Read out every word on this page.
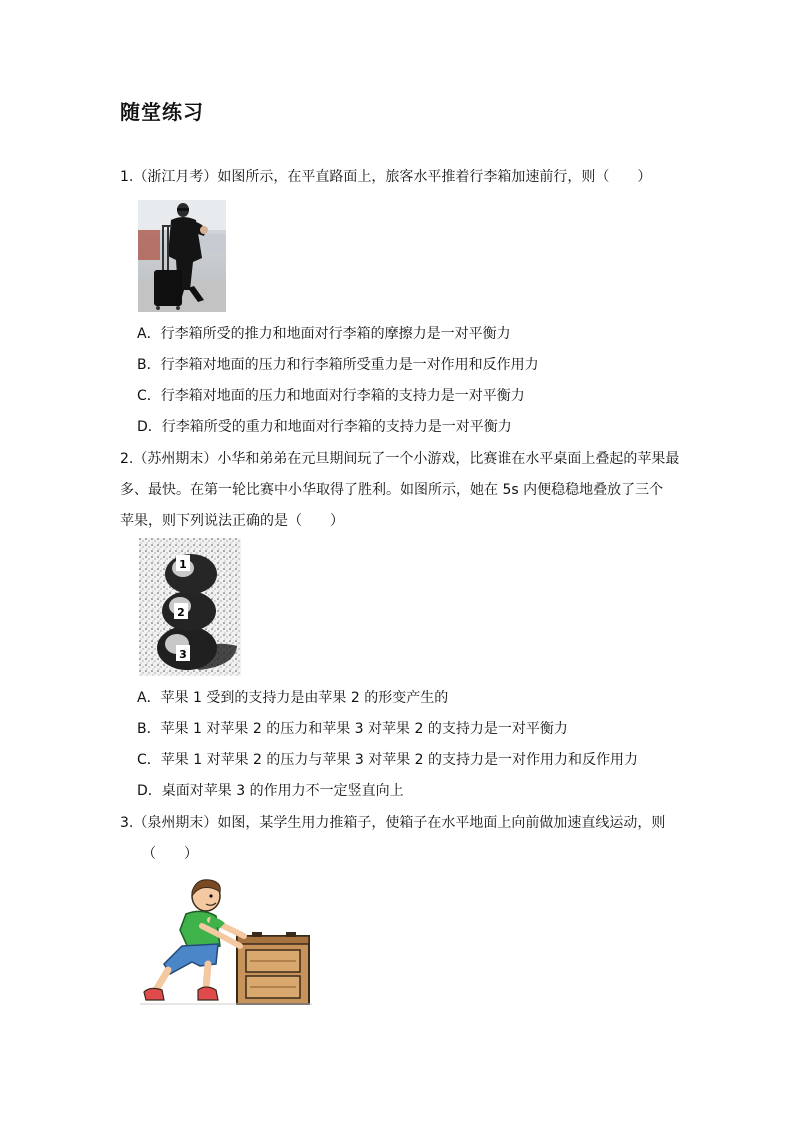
随堂练习

1.（浙江月考）如图所示，在平直路面上，旅客水平推着行李箱加速前行，则（　　）

A．行李箱所受的推力和地面对行李箱的摩擦力是一对平衡力
B．行李箱对地面的压力和行李箱所受重力是一对作用和反作用力
C．行李箱对地面的压力和地面对行李箱的支持力是一对平衡力
D．行李箱所受的重力和地面对行李箱的支持力是一对平衡力

2.（苏州期末）小华和弟弟在元旦期间玩了一个小游戏，比赛谁在水平桌面上叠起的苹果最

多、最快。在第一轮比赛中小华取得了胜利。如图所示，她在 5s 内便稳稳地叠放了三个

苹果，则下列说法正确的是（　　）

1
2
3
A．苹果 1 受到的支持力是由苹果 2 的形变产生的
B．苹果 1 对苹果 2 的压力和苹果 3 对苹果 2 的支持力是一对平衡力
C．苹果 1 对苹果 2 的压力与苹果 3 对苹果 2 的支持力是一对作用力和反作用力
D．桌面对苹果 3 的作用力不一定竖直向上

3.（泉州期末）如图，某学生用力推箱子，使箱子在水平地面上向前做加速直线运动，则

（　　）
